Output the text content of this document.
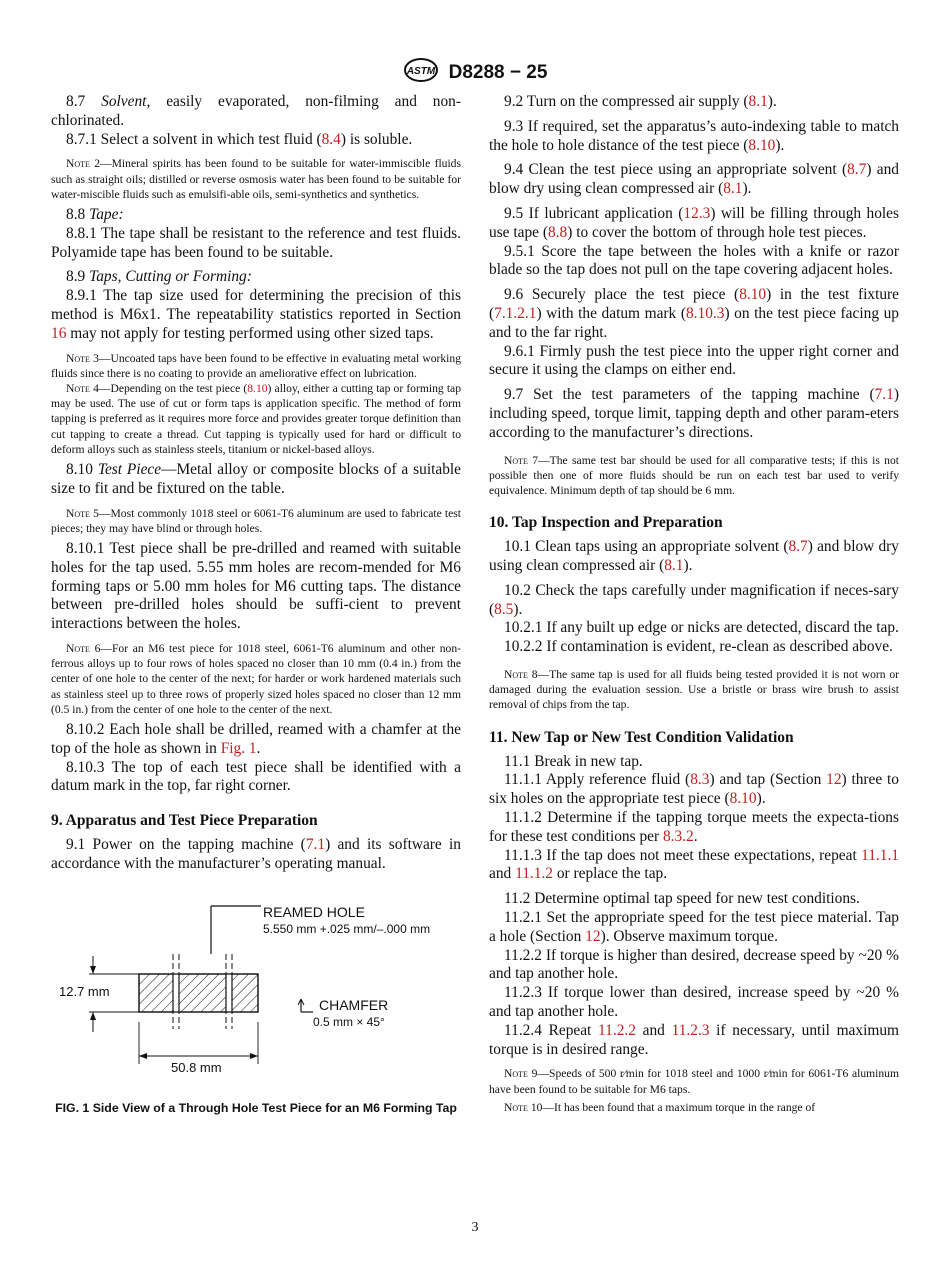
ASTM D8288 − 25

8.7 Solvent, easily evaporated, non-filming and non-chlorinated.

8.7.1 Select a solvent in which test fluid (8.4) is soluble.

Note 2—Mineral spirits has been found to be suitable for water-immiscible fluids such as straight oils; distilled or reverse osmosis water has been found to be suitable for water-miscible fluids such as emulsifi-able oils, semi-synthetics and synthetics.

8.8 Tape:

8.8.1 The tape shall be resistant to the reference and test fluids. Polyamide tape has been found to be suitable.

8.9 Taps, Cutting or Forming:

8.9.1 The tap size used for determining the precision of this method is M6x1. The repeatability statistics reported in Section 16 may not apply for testing performed using other sized taps.

Note 3—Uncoated taps have been found to be effective in evaluating metal working fluids since there is no coating to provide an ameliorative effect on lubrication.

Note 4—Depending on the test piece (8.10) alloy, either a cutting tap or forming tap may be used. The use of cut or form taps is application specific. The method of form tapping is preferred as it requires more force and provides greater torque definition than cut tapping to create a thread. Cut tapping is typically used for hard or difficult to deform alloys such as stainless steels, titanium or nickel-based alloys.

8.10 Test Piece—Metal alloy or composite blocks of a suitable size to fit and be fixtured on the table.

Note 5—Most commonly 1018 steel or 6061-T6 aluminum are used to fabricate test pieces; they may have blind or through holes.

8.10.1 Test piece shall be pre-drilled and reamed with suitable holes for the tap used. 5.55 mm holes are recom-mended for M6 forming taps or 5.00 mm holes for M6 cutting taps. The distance between pre-drilled holes should be suffi-cient to prevent interactions between the holes.

Note 6—For an M6 test piece for 1018 steel, 6061-T6 aluminum and other non-ferrous alloys up to four rows of holes spaced no closer than 10 mm (0.4 in.) from the center of one hole to the center of the next; for harder or work hardened materials such as stainless steel up to three rows of properly sized holes spaced no closer than 12 mm (0.5 in.) from the center of one hole to the center of the next.

8.10.2 Each hole shall be drilled, reamed with a chamfer at the top of the hole as shown in Fig. 1.

8.10.3 The top of each test piece shall be identified with a datum mark in the top, far right corner.

9. Apparatus and Test Piece Preparation

9.1 Power on the tapping machine (7.1) and its software in accordance with the manufacturer’s operating manual.

REAMED HOLE
5.550 mm +.025 mm/–.000 mm
12.7 mm
CHAMFER
0.5 mm × 45°
50.8 mm
FIG. 1 Side View of a Through Hole Test Piece for an M6 Forming Tap

9.2 Turn on the compressed air supply (8.1).

9.3 If required, set the apparatus’s auto-indexing table to match the hole to hole distance of the test piece (8.10).

9.4 Clean the test piece using an appropriate solvent (8.7) and blow dry using clean compressed air (8.1).

9.5 If lubricant application (12.3) will be filling through holes use tape (8.8) to cover the bottom of through hole test pieces.

9.5.1 Score the tape between the holes with a knife or razor blade so the tap does not pull on the tape covering adjacent holes.

9.6 Securely place the test piece (8.10) in the test fixture (7.1.2.1) with the datum mark (8.10.3) on the test piece facing up and to the far right.

9.6.1 Firmly push the test piece into the upper right corner and secure it using the clamps on either end.

9.7 Set the test parameters of the tapping machine (7.1) including speed, torque limit, tapping depth and other param-eters according to the manufacturer’s directions.

Note 7—The same test bar should be used for all comparative tests; if this is not possible then one of more fluids should be run on each test bar used to verify equivalence. Minimum depth of tap should be 6 mm.

10. Tap Inspection and Preparation

10.1 Clean taps using an appropriate solvent (8.7) and blow dry using clean compressed air (8.1).

10.2 Check the taps carefully under magnification if neces-sary (8.5).

10.2.1 If any built up edge or nicks are detected, discard the tap.

10.2.2 If contamination is evident, re-clean as described above.

Note 8—The same tap is used for all fluids being tested provided it is not worn or damaged during the evaluation session. Use a bristle or brass wire brush to assist removal of chips from the tap.

11. New Tap or New Test Condition Validation

11.1 Break in new tap.

11.1.1 Apply reference fluid (8.3) and tap (Section 12) three to six holes on the appropriate test piece (8.10).

11.1.2 Determine if the tapping torque meets the expecta-tions for these test conditions per 8.3.2.

11.1.3 If the tap does not meet these expectations, repeat 11.1.1 and 11.1.2 or replace the tap.

11.2 Determine optimal tap speed for new test conditions.

11.2.1 Set the appropriate speed for the test piece material. Tap a hole (Section 12). Observe maximum torque.

11.2.2 If torque is higher than desired, decrease speed by ~20 % and tap another hole.

11.2.3 If torque lower than desired, increase speed by ~20 % and tap another hole.

11.2.4 Repeat 11.2.2 and 11.2.3 if necessary, until maximum torque is in desired range.

Note 9—Speeds of 500 r⁄min for 1018 steel and 1000 r⁄min for 6061-T6 aluminum have been found to be suitable for M6 taps.

Note 10—It has been found that a maximum torque in the range of

3
